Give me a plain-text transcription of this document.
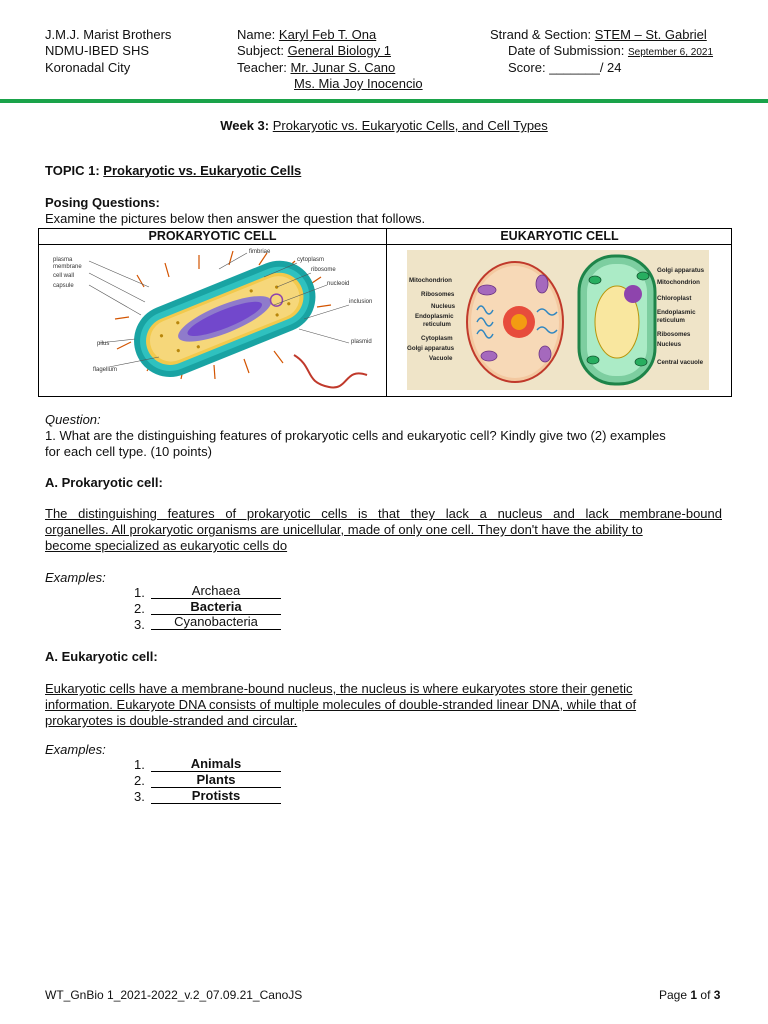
J.M.J. Marist Brothers
NDMU-IBED SHS
Koronadal City
Name: Karyl Feb T. Ona
Subject: General Biology 1
Teacher: Mr. Junar S. Cano
Ms. Mia Joy Inocencio
Strand & Section: STEM – St. Gabriel
Date of Submission: September 6, 2021
Score: _______/ 24
Week 3: Prokaryotic vs. Eukaryotic Cells, and Cell Types
TOPIC 1: Prokaryotic vs. Eukaryotic Cells
Posing Questions:
Examine the pictures below then answer the question that follows.
PROKARYOTIC CELL	EUKARYOTIC CELL
plasma
membrane
cell wall
capsule
pilus
flagellum
fimbriae
cytoplasm
ribosome
nucleoid
inclusion
plasmid
Mitochondrion
Ribosomes
Nucleus
Endoplasmic
reticulum
Cytoplasm
Golgi apparatus
Vacuole
Golgi apparatus
Mitochondrion
Chloroplast
Endoplasmic
reticulum
Ribosomes
Nucleus
Central vacuole
Question:
1. What are the distinguishing features of prokaryotic cells and eukaryotic cell? Kindly give two (2) examples
for each cell type. (10 points)
A. Prokaryotic cell:
The distinguishing features of prokaryotic cells is that they lack a nucleus and lack membrane-bound
organelles. All prokaryotic organisms are unicellular, made of only one cell. They don't have the ability to
become specialized as eukaryotic cells do
Examples:
1.	Archaea
2.	Bacteria
3.	Cyanobacteria
A. Eukaryotic cell:
Eukaryotic cells have a membrane-bound nucleus, the nucleus is where eukaryotes store their genetic
information. Eukaryote DNA consists of multiple molecules of double-stranded linear DNA, while that of
prokaryotes is double-stranded and circular.
Examples:
1.	Animals
2.	Plants
3.	Protists
WT_GnBio 1_2021-2022_v.2_07.09.21_CanoJS	Page 1 of 3
